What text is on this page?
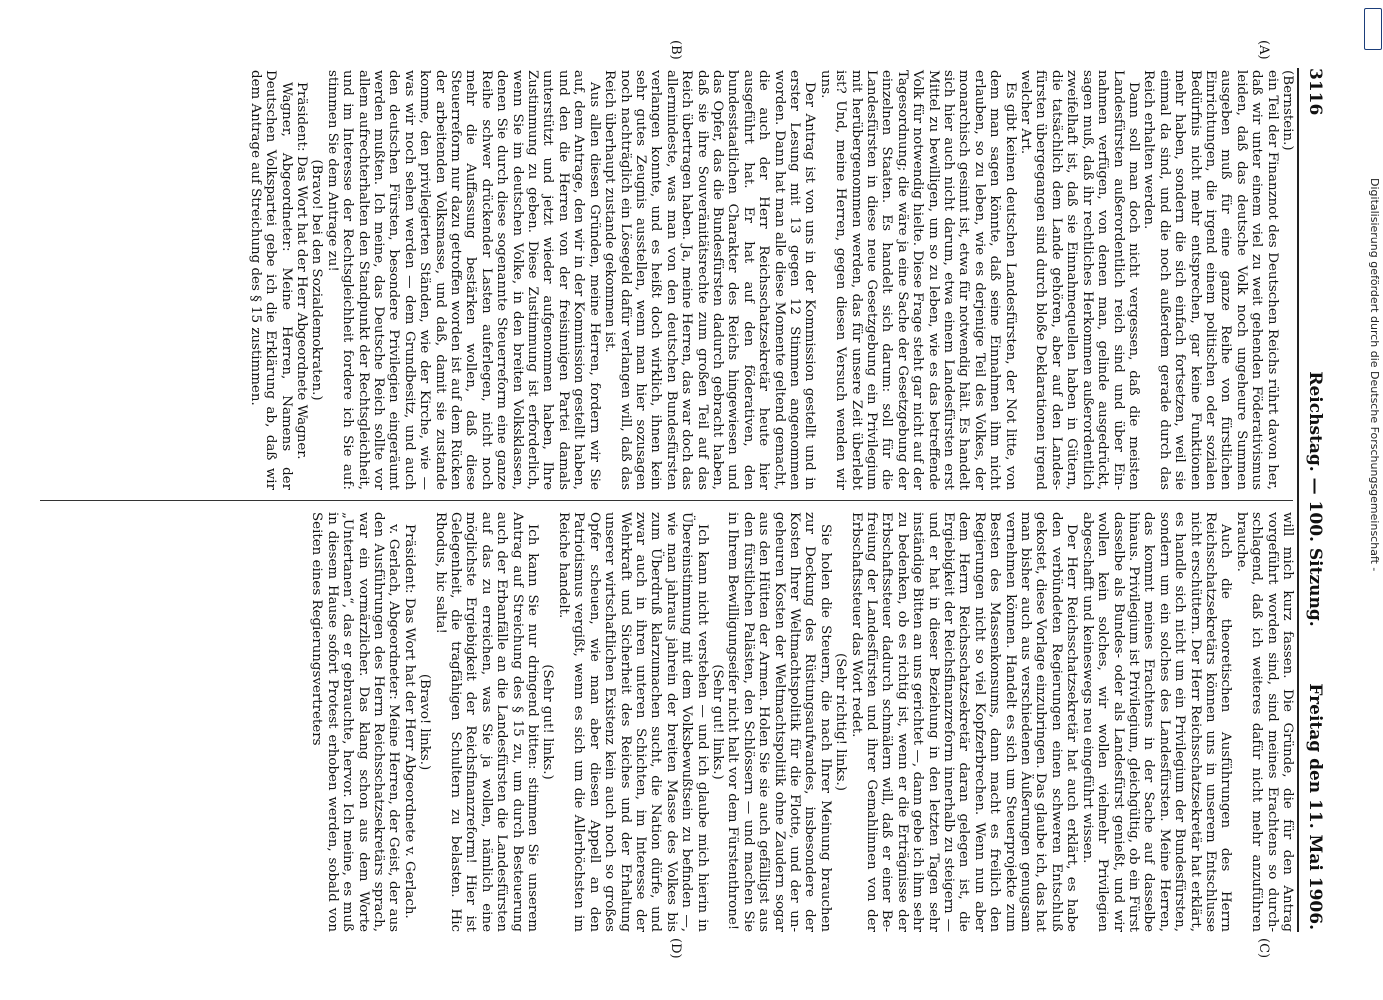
3116
Reichstag. — 100. Sitzung.
Freitag den 11. Mai 1906.
(A)
(B)
(C)
(D)

(Bernstein.)

ein Teil der Finanznot des Deutschen Reichs rührt davon her, daß wir unter einem viel zu weit gehenden Föderativismus leiden, daß das deutsche Volk noch ungeheure Summen ausgeben muß für eine ganze Reihe von fürstlichen Einrichtungen, die irgend einem politischen oder sozialen Bedürfnis nicht mehr entsprechen, gar keine Funktionen mehr haben, sondern die sich einfach fortsetzen, weil sie einmal da sind, und die noch außerdem gerade durch das Reich erhalten werden.

Dann soll man doch nicht vergessen, daß die meisten Landesfürsten außerordentlich reich sind und über Einnahmen verfügen, von denen man, gelinde ausgedrückt, sagen muß, daß ihr rechtliches Herkommen außerordentlich zweifelhaft ist, daß sie Einnahmequellen haben in Gütern, die tatsächlich dem Lande gehören, aber auf den Landesfürsten übergegangen sind durch bloße Deklarationen irgend welcher Art.

Es gibt keinen deutschen Landesfürsten, der Not litte, von dem man sagen könnte, daß seine Einnahmen ihm nicht erlauben, so zu leben, wie es derjenige Teil des Volkes, der monarchisch gesinnt ist, etwa für notwendig hält. Es handelt sich hier auch nicht darum, etwa einem Landesfürsten erst Mittel zu bewilligen, um so zu leben, wie es das betreffende Volk für notwendig hielte. Diese Frage steht gar nicht auf der Tagesordnung; die wäre ja eine Sache der Gesetzgebung der einzelnen Staaten. Es handelt sich darum: soll für die Landesfürsten in diese neue Gesetzgebung ein Privilegium mit herübergenommen werden, das für unsere Zeit überlebt ist? Und, meine Herren, gegen diesen Versuch wenden wir uns.

Der Antrag ist von uns in der Kommission gestellt und in erster Lesung mit 13 gegen 12 Stimmen angenommen worden. Dann hat man alle diese Momente geltend gemacht, die auch der Herr Reichsschatzsekretär heute hier ausgeführt hat. Er hat auf den föderativen, den bundesstaatlichen Charakter des Reichs hingewiesen und das Opfer, das die Bundesfürsten dadurch gebracht haben, daß sie ihre Souveränitätsrechte zum großen Teil auf das Reich übertragen haben. Ja, meine Herren, das war doch das allermindeste, was man von den deutschen Bundesfürsten verlangen konnte, und es heißt doch wirklich, ihnen kein sehr gutes Zeugnis ausstellen, wenn man hier sozusagen noch nachträglich ein Lösegeld dafür verlangen will, daß das Reich überhaupt zustande gekommen ist.

Aus allen diesen Gründen, meine Herren, fordern wir Sie auf, dem Antrage, den wir in der Kommission gestellt haben, und den die Herren von der freisinnigen Partei damals unterstützt und jetzt wieder aufgenommen haben, Ihre Zustimmung zu geben. Diese Zustimmung ist erforderlich, wenn Sie im deutschen Volke, in den breiten Volksklassen, denen Sie durch diese sogenannte Steuerreform eine ganze Reihe schwer drückender Lasten auferlegen, nicht noch mehr die Auffassung bestärken wollen, daß diese Steuerreform nur dazu getroffen worden ist auf dem Rücken der arbeitenden Volksmasse, und daß, damit sie zustande komme, den privilegierten Ständen, wie der Kirche, wie — was wir noch sehen werden — dem Grundbesitz, und auch den deutschen Fürsten, besondere Privilegien eingeräumt werden mußten. Ich meine, das Deutsche Reich sollte vor allem aufrechterhalten den Standpunkt der Rechtsgleichheit, und im Interesse der Rechtsgleichheit fordere ich Sie auf: stimmen Sie dem Antrage zu!

(Bravo! bei den Sozialdemokraten.)

Präsident: Das Wort hat der Herr Abgeordnete Wagner.

Wagner, Abgeordneter: Meine Herren, Namens der Deutschen Volkspartei gebe ich die Erklärung ab, daß wir dem Antrage auf Streichung des § 15 zustimmen.

will mich kurz fassen. Die Gründe, die für den Antrag vorgeführt worden sind, sind meines Erachtens so durchschlagend, daß ich weiteres dafür nicht mehr anzuführen brauche.

Auch die theoretischen Ausführungen des Herrn Reichsschatzsekretärs können uns in unserem Entschlusse nicht erschüttern. Der Herr Reichsschatzsekretär hat erklärt, es handle sich nicht um ein Privilegium der Bundesfürsten, sondern um ein solches des Landesfürsten. Meine Herren, das kommt meines Erachtens in der Sache auf dasselbe hinaus. Privilegium ist Privilegium, gleichgültig, ob ein Fürst dasselbe als Bundes- oder als Landesfürst genießt, und wir wollen kein solches, wir wollen vielmehr Privilegien abgeschafft und keineswegs neu eingeführt wissen.

Der Herr Reichsschatzsekretär hat auch erklärt, es habe den verbündeten Regierungen einen schweren Entschluß gekostet, diese Vorlage einzubringen. Das glaube ich, das hat man bisher auch aus verschiedenen Äußerungen genugsam vernehmen können. Handelt es sich um Steuerprojekte zum Besten des Massenkonsums, dann macht es freilich den Regierungen nicht so viel Kopfzerbrechen. Wenn nun aber dem Herrn Reichsschatzsekretär daran gelegen ist, die Ergiebigkeit der Reichsfinanzreform innerhalb zu steigern — und er hat in dieser Beziehung in den letzten Tagen sehr inständige Bitten an uns gerichtet —, dann gebe ich ihm sehr zu bedenken, ob es richtig ist, wenn er die Erträgnisse der Erbschaftssteuer dadurch schmälern will, daß er einer Befreiung der Landesfürsten und ihrer Gemahlinnen von der Erbschaftssteuer das Wort redet.

(Sehr richtig! links.)

Sie holen die Steuern, die nach Ihrer Meinung brauchen zur Deckung des Rüstungsaufwandes, insbesondere der Kosten Ihrer Weltmachtspolitik für die Flotte, und der ungeheuren Kosten der Weltmachtspolitik ohne Zaudern sogar aus den Hütten der Armen. Holen Sie sie auch gefälligst aus den fürstlichen Palästen, den Schlössern — und machen Sie in Ihrem Bewilligungseifer nicht halt vor dem Fürstenthrone!

(Sehr gut! links.)

Ich kann nicht verstehen — und ich glaube mich hierin in Übereinstimmung mit dem Volksbewußtsein zu befinden —, wie man jahraus jahrein der breiten Masse des Volkes bis zum Überdruß klarzumachen sucht, die Nation dürfe, und zwar auch in ihren unteren Schichten, im Interesse der Wehrkraft und Sicherheit des Reiches und der Erhaltung unserer wirtschaftlichen Existenz kein auch noch so großes Opfer scheuen, wie man aber diesen Appell an den Patriotismus vergißt, wenn es sich um die Allerhöchsten im Reiche handelt.

(Sehr gut! links.)

Ich kann Sie nur dringend bitten: stimmen Sie unserem Antrag auf Streichung des § 15 zu, um durch Besteuerung auch der Erbanfälle an die Landesfürsten die Landesfürsten auf das zu erreichen, was Sie ja wollen, nämlich eine möglichste Ergiebigkeit der Reichsfinanzreform! Hier ist Gelegenheit, die tragfähigen Schultern zu belasten. Hic Rhodus, hic salta!

(Bravo! links.)

Präsident: Das Wort hat der Herr Abgeordnete v. Gerlach.

v. Gerlach, Abgeordneter: Meine Herren, der Geist, der aus den Ausführungen des Herrn Reichsschatzsekretärs sprach, war ein vormärzlicher. Das klang schon aus dem Worte „Untertanen“, das er gebrauchte, hervor. Ich meine, es muß in diesem Hause sofort Protest erhoben werden, sobald von Seiten eines Regierungsvertreters

Digitalisierung gefördert durch die Deutsche Forschungsgemeinschaft -
